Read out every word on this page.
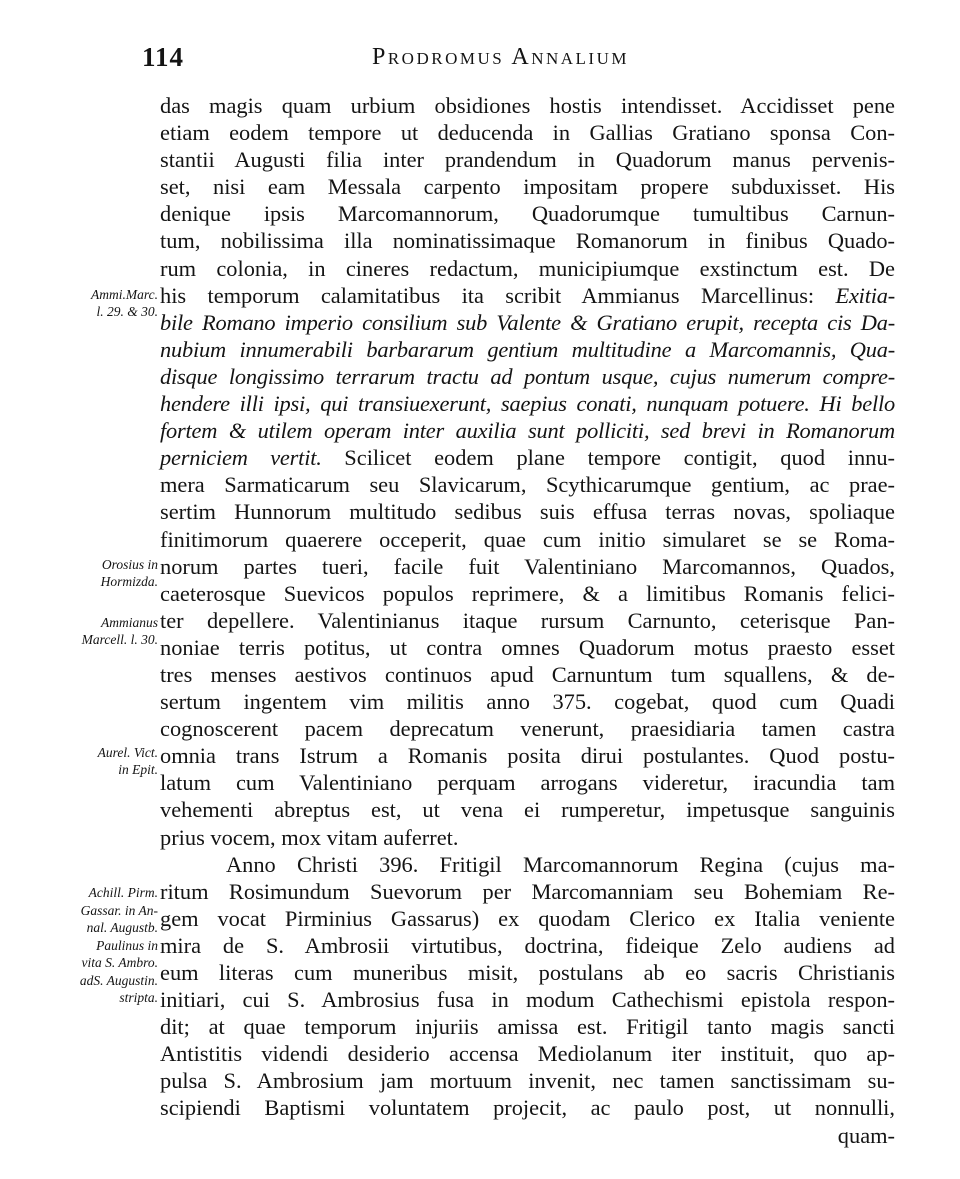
114	Prodromus Annalium
das magis quam urbium obsidiones hostis intendisset. Accidisset pene
etiam eodem tempore ut deducenda in Gallias Gratiano sponsa Con-
stantii Augusti filia inter prandendum in Quadorum manus pervenis-
set, nisi eam Messala carpento impositam propere subduxisset. His
denique ipsis Marcomannorum, Quadorumque tumultibus Carnun-
tum, nobilissima illa nominatissimaque Romanorum in finibus Quado-
rum colonia, in cineres redactum, municipiumque exstinctum est. De
his temporum calamitatibus ita scribit Ammianus Marcellinus: Exitia-
bile Romano imperio consilium sub Valente & Gratiano erupit, recepta cis Da-
nubium innumerabili barbararum gentium multitudine a Marcomannis, Qua-
disque longissimo terrarum tractu ad pontum usque, cujus numerum compre-
hendere illi ipsi, qui transiuexerunt, saepius conati, nunquam potuere. Hi bello
fortem & utilem operam inter auxilia sunt polliciti, sed brevi in Romanorum
perniciem vertit. Scilicet eodem plane tempore contigit, quod innu-
mera Sarmaticarum seu Slavicarum, Scythicarumque gentium, ac prae-
sertim Hunnorum multitudo sedibus suis effusa terras novas, spoliaque
finitimorum quaerere occeperit, quae cum initio simularet se se Roma-
norum partes tueri, facile fuit Valentiniano Marcomannos, Quados,
caeterosque Suevicos populos reprimere, & a limitibus Romanis felici-
ter depellere. Valentinianus itaque rursum Carnunto, ceterisque Pan-
noniae terris potitus, ut contra omnes Quadorum motus praesto esset
tres menses aestivos continuos apud Carnuntum tum squallens, & de-
sertum ingentem vim militis anno 375. cogebat, quod cum Quadi
cognoscerent pacem deprecatum venerunt, praesidiaria tamen castra
omnia trans Istrum a Romanis posita dirui postulantes. Quod postu-
latum cum Valentiniano perquam arrogans videretur, iracundia tam
vehementi abreptus est, ut vena ei rumperetur, impetusque sanguinis
prius vocem, mox vitam auferret.
Anno Christi 396. Fritigil Marcomannorum Regina (cujus ma-
ritum Rosimundum Suevorum per Marcomanniam seu Bohemiam Re-
gem vocat Pirminius Gassarus) ex quodam Clerico ex Italia veniente
mira de S. Ambrosii virtutibus, doctrina, fideique Zelo audiens ad
eum literas cum muneribus misit, postulans ab eo sacris Christianis
initiari, cui S. Ambrosius fusa in modum Cathechismi epistola respon-
dit; at quae temporum injuriis amissa est. Fritigil tanto magis sancti
Antistitis videndi desiderio accensa Mediolanum iter instituit, quo ap-
pulsa S. Ambrosium jam mortuum invenit, nec tamen sanctissimam su-
scipiendi Baptismi voluntatem projecit, ac paulo post, ut nonnulli,
quam-
Ammi.Marc.
l. 29. & 30.
Orosius in
Hormizda.
Ammianus
Marcell. l. 30.
Aurel. Vict.
in Epit.
Achill. Pirm.
Gassar. in An-
nal. Augustb.
Paulinus in
vita S. Ambro.
adS. Augustin.
stripta.
